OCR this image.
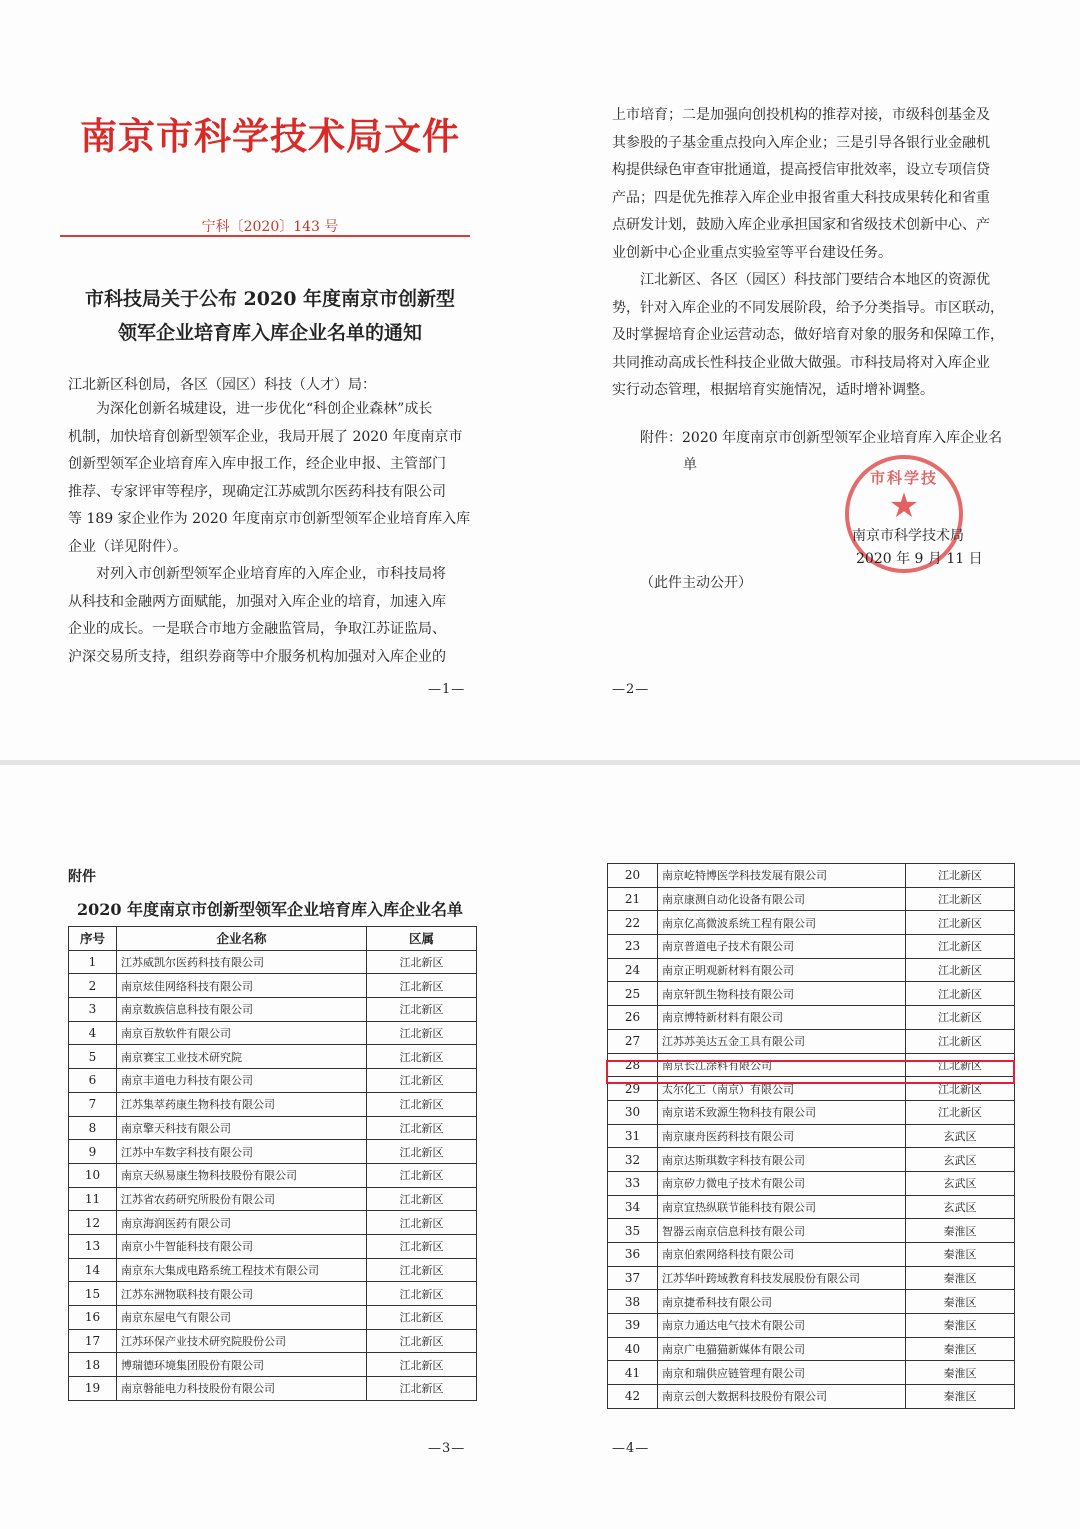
南京市科学技术局文件
宁科〔2020〕143 号
市科技局关于公布 2020 年度南京市创新型
领军企业培育库入库企业名单的通知
江北新区科创局，各区（园区）科技（人才）局：
为深化创新名城建设，进一步优化“科创企业森林”成长
机制，加快培育创新型领军企业，我局开展了 2020 年度南京市
创新型领军企业培育库入库申报工作，经企业申报、主管部门
推荐、专家评审等程序，现确定江苏威凯尔医药科技有限公司
等 189 家企业作为 2020 年度南京市创新型领军企业培育库入库
企业（详见附件）。
对列入市创新型领军企业培育库的入库企业，市科技局将
从科技和金融两方面赋能，加强对入库企业的培育，加速入库
企业的成长。一是联合市地方金融监管局，争取江苏证监局、
沪深交易所支持，组织券商等中介服务机构加强对入库企业的
—1—
上市培育；二是加强向创投机构的推荐对接，市级科创基金及
其参股的子基金重点投向入库企业；三是引导各银行业金融机
构提供绿色审查审批通道，提高授信审批效率，设立专项信贷
产品；四是优先推荐入库企业申报省重大科技成果转化和省重
点研发计划，鼓励入库企业承担国家和省级技术创新中心、产
业创新中心企业重点实验室等平台建设任务。
江北新区、各区（园区）科技部门要结合本地区的资源优
势，针对入库企业的不同发展阶段，给予分类指导。市区联动，
及时掌握培育企业运营动态，做好培育对象的服务和保障工作，
共同推动高成长性科技企业做大做强。市科技局将对入库企业
实行动态管理，根据培育实施情况，适时增补调整。
附件：2020 年度南京市创新型领军企业培育库入库企业名
单
市科学技
★
南京市科学技术局
2020 年 9 月 11 日
（此件主动公开）
—2—
附件
2020 年度南京市创新型领军企业培育库入库企业名单
序号	企业名称	区属
1	江苏威凯尔医药科技有限公司	江北新区
2	南京炫佳网络科技有限公司	江北新区
3	南京数族信息科技有限公司	江北新区
4	南京百敖软件有限公司	江北新区
5	南京赛宝工业技术研究院	江北新区
6	南京丰道电力科技有限公司	江北新区
7	江苏集萃药康生物科技有限公司	江北新区
8	南京擎天科技有限公司	江北新区
9	江苏中车数字科技有限公司	江北新区
10	南京天纵易康生物科技股份有限公司	江北新区
11	江苏省农药研究所股份有限公司	江北新区
12	南京海润医药有限公司	江北新区
13	南京小牛智能科技有限公司	江北新区
14	南京东大集成电路系统工程技术有限公司	江北新区
15	江苏东洲物联科技有限公司	江北新区
16	南京东屋电气有限公司	江北新区
17	江苏环保产业技术研究院股份公司	江北新区
18	博瑞德环境集团股份有限公司	江北新区
19	南京磐能电力科技股份有限公司	江北新区
—3—
20	南京屹特博医学科技发展有限公司	江北新区
21	南京康测自动化设备有限公司	江北新区
22	南京亿高微波系统工程有限公司	江北新区
23	南京普道电子技术有限公司	江北新区
24	南京正明观新材料有限公司	江北新区
25	南京轩凯生物科技有限公司	江北新区
26	南京博特新材料有限公司	江北新区
27	江苏苏美达五金工具有限公司	江北新区
28	南京长江涂料有限公司	江北新区
29	太尔化工（南京）有限公司	江北新区
30	南京诺禾致源生物科技有限公司	江北新区
31	南京康舟医药科技有限公司	玄武区
32	南京达斯琪数字科技有限公司	玄武区
33	南京矽力微电子技术有限公司	玄武区
34	南京宜热纵联节能科技有限公司	玄武区
35	智器云南京信息科技有限公司	秦淮区
36	南京伯索网络科技有限公司	秦淮区
37	江苏华叶跨域教育科技发展股份有限公司	秦淮区
38	南京捷希科技有限公司	秦淮区
39	南京力通达电气技术有限公司	秦淮区
40	南京广电猫猫新媒体有限公司	秦淮区
41	南京和瑞供应链管理有限公司	秦淮区
42	南京云创大数据科技股份有限公司	秦淮区
—4—
